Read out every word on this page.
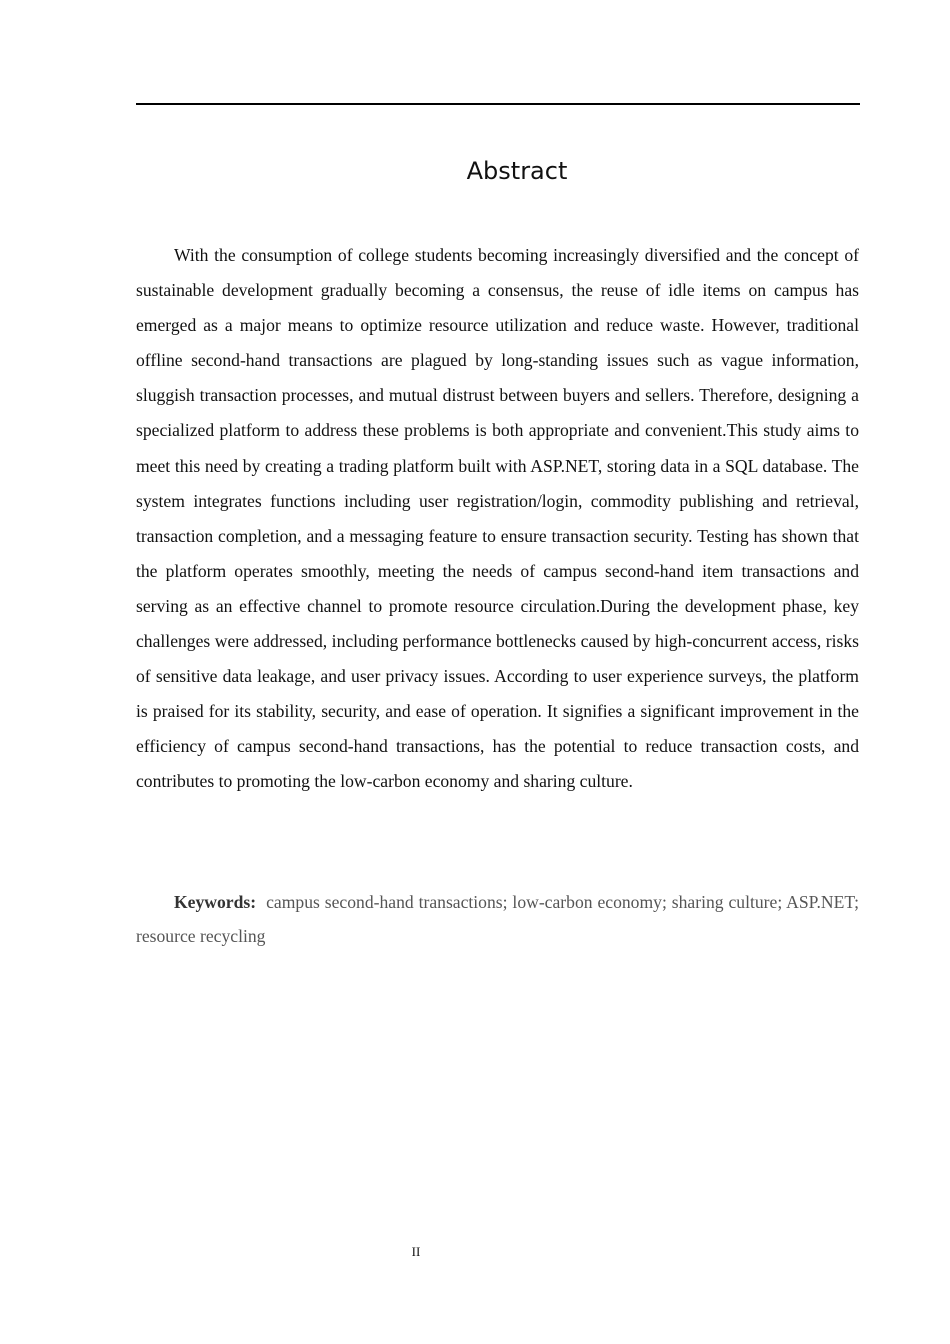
Abstract

With the consumption of college students becoming increasingly diversified and the concept of sustainable development gradually becoming a consensus, the reuse of idle items on campus has emerged as a major means to optimize resource utilization and reduce waste. However, traditional offline second-hand transactions are plagued by long-standing issues such as vague information, sluggish transaction processes, and mutual distrust between buyers and sellers. Therefore, designing a specialized platform to address these problems is both appropriate and convenient.This study aims to meet this need by creating a trading platform built with ASP.NET, storing data in a SQL database. The system integrates functions including user registration/login, commodity publishing and retrieval, transaction completion, and a messaging feature to ensure transaction security. Testing has shown that the platform operates smoothly, meeting the needs of campus second-hand item transactions and serving as an effective channel to promote resource circulation.During the development phase, key challenges were addressed, including performance bottlenecks caused by high-concurrent access, risks of sensitive data leakage, and user privacy issues. According to user experience surveys, the platform is praised for its stability, security, and ease of operation. It signifies a significant improvement in the efficiency of campus second-hand transactions, has the potential to reduce transaction costs, and contributes to promoting the low-carbon economy and sharing culture.

Keywords: campus second-hand transactions; low-carbon economy; sharing culture; ASP.NET; resource recycling

II
